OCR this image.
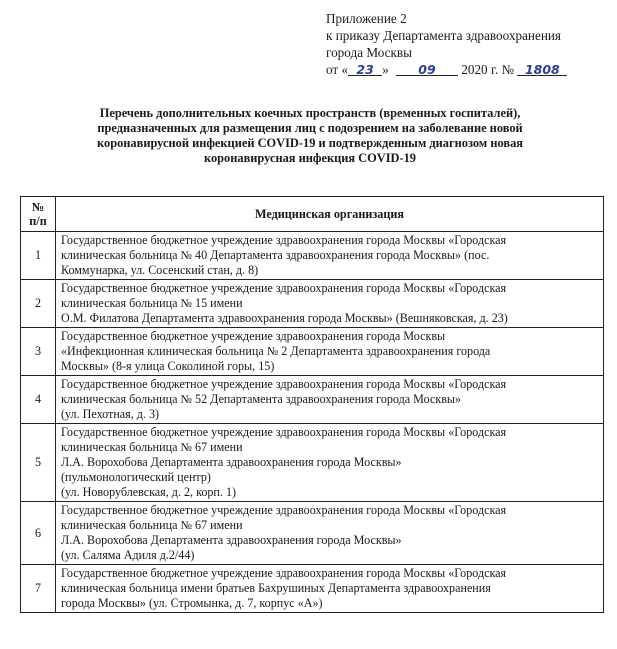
Приложение 2
к приказу Департамента здравоохранения
города Москвы
от « 23 » 09 2020 г. № 1808
Перечень дополнительных коечных пространств (временных госпиталей),
предназначенных для размещения лиц с подозрением на заболевание новой
коронавирусной инфекцией COVID-19 и подтвержденным диагнозом новая
коронавирусная инфекция COVID-19
№
п/п	Медицинская организация
1	Государственное бюджетное учреждение здравоохранения города Москвы «Городская
клиническая больница № 40 Департамента здравоохранения города Москвы» (пос.
Коммунарка, ул. Сосенский стан, д. 8)

2	Государственное бюджетное учреждение здравоохранения города Москвы «Городская
клиническая больница № 15 имени
О.М. Филатова Департамента здравоохранения города Москвы» (Вешняковская, д. 23)

3	Государственное бюджетное учреждение здравоохранения города Москвы
«Инфекционная клиническая больница № 2 Департамента здравоохранения города
Москвы» (8-я улица Соколиной горы, 15)

4	Государственное бюджетное учреждение здравоохранения города Москвы «Городская
клиническая больница № 52 Департамента здравоохранения города Москвы»
(ул. Пехотная, д. 3)

5	Государственное бюджетное учреждение здравоохранения города Москвы «Городская
клиническая больница № 67 имени
Л.А. Ворохобова Департамента здравоохранения города Москвы»
(пульмонологический центр)
(ул. Новорублевская, д. 2, корп. 1)

6	Государственное бюджетное учреждение здравоохранения города Москвы «Городская
клиническая больница № 67 имени
Л.А. Ворохобова Департамента здравоохранения города Москвы»
(ул. Саляма Адиля д.2/44)

7	Государственное бюджетное учреждение здравоохранения города Москвы «Городская
клиническая больница имени братьев Бахрушиных Департамента здравоохранения
города Москвы» (ул. Стромынка, д. 7, корпус «А»)
